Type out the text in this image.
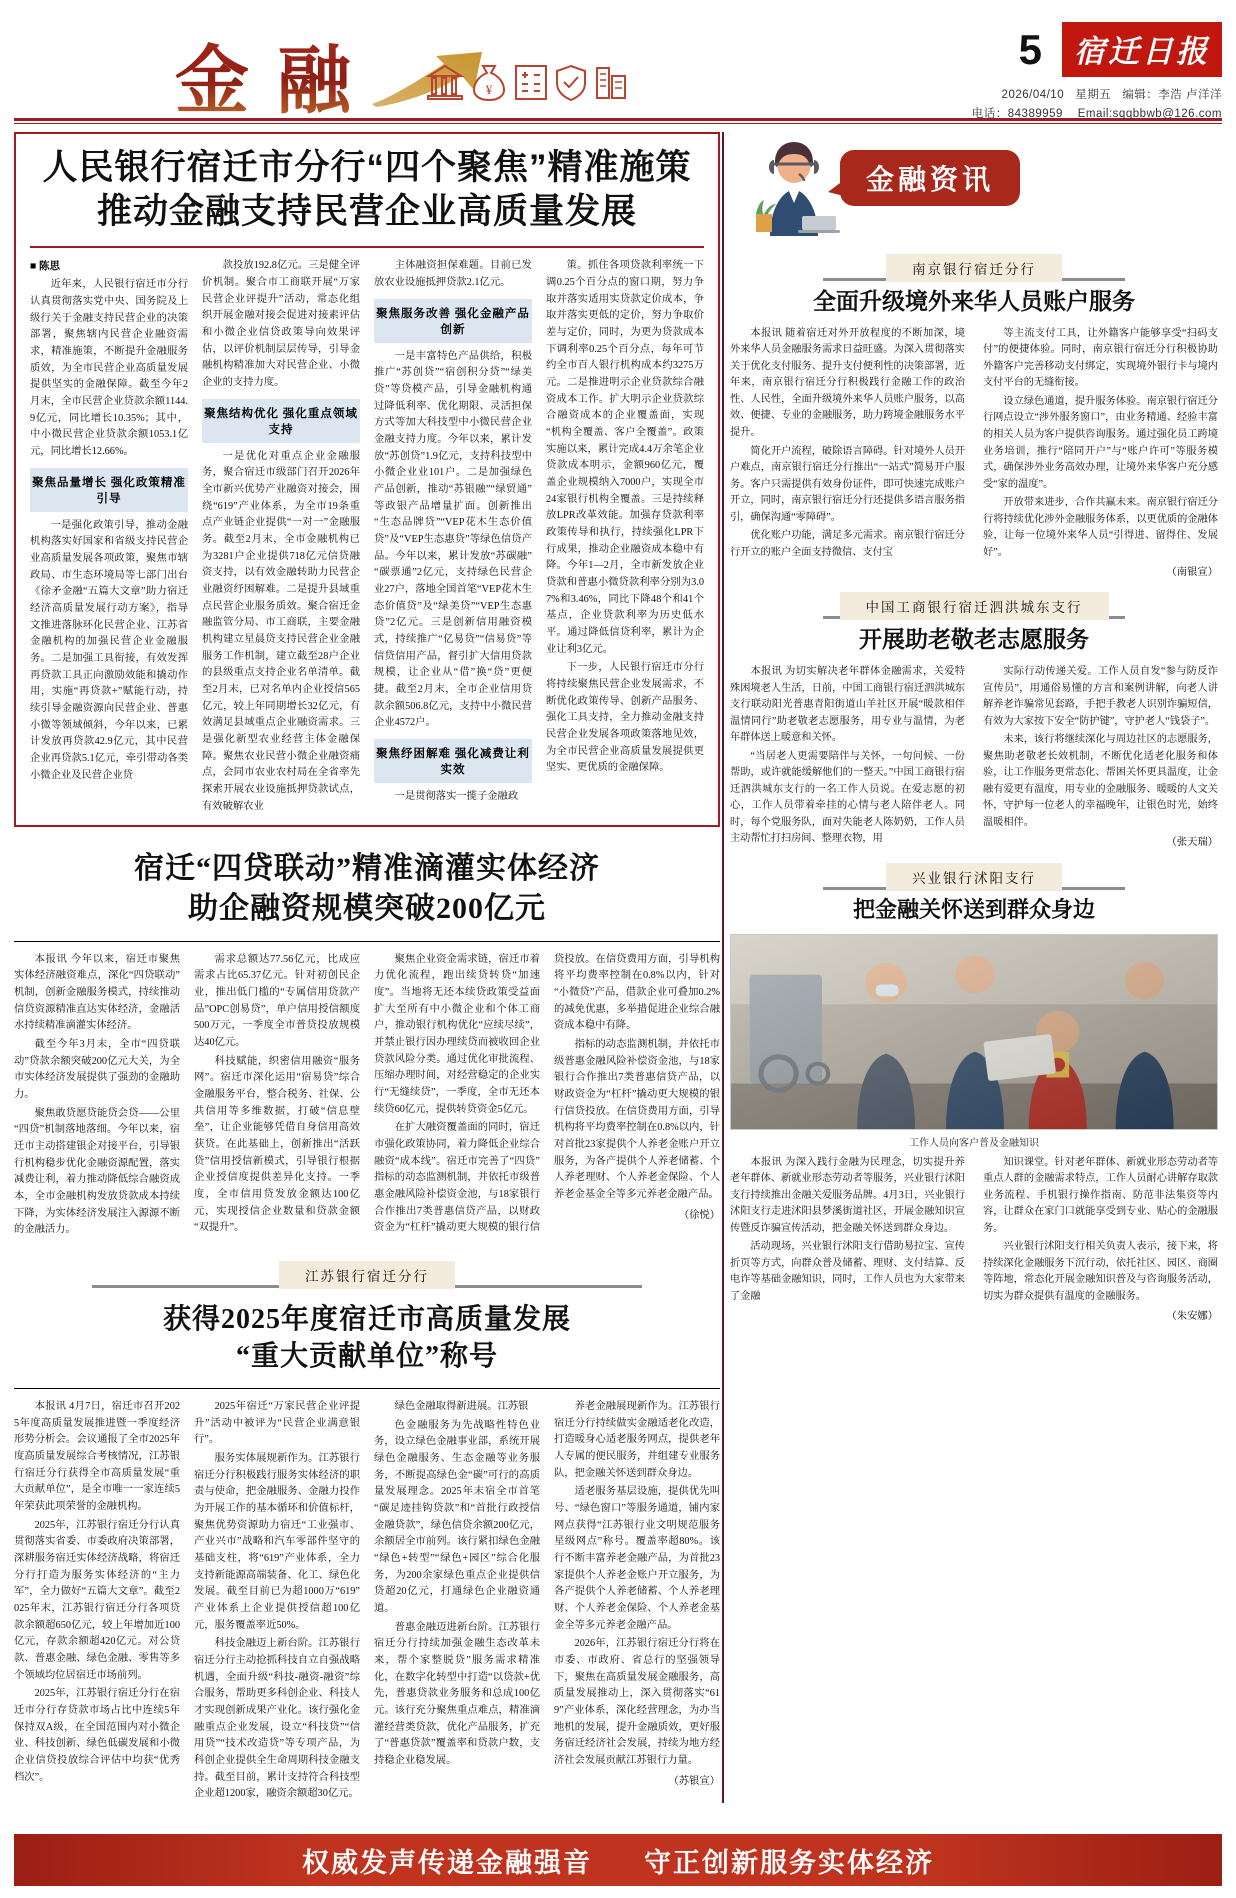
金融	¥
5 宿迁日报
2026/04/10 星期五 编辑：李浩 卢洋洋
电话：84389959 Email:sqqbbwb@126.com
人民银行宿迁市分行“四个聚焦”精准施策
推动金融支持民营企业高质量发展
■ 陈思

近年来，人民银行宿迁市分行认真贯彻落实党中央、国务院及上级行关于金融支持民营企业的决策部署，聚焦辖内民营企业融资需求，精准施策，不断提升金融服务质效，为全市民营企业高质量发展提供坚实的金融保障。截至今年2月末，全市民营企业贷款余额1144.9亿元，同比增长10.35%；其中，中小微民营企业贷款余额1053.1亿元，同比增长12.66%。

聚焦品量增长 强化政策精准引导

一是强化政策引导，推动金融机构落实好国家和省级支持民营企业高质量发展各项政策，聚焦市辖政局、市生态环境局等七部门出台《徐矛金融“五篇大文章”助力宿迁经济高质量发展行动方案》，指导文推进落脉环化民营企业、江苏省金融机构的加强民营企业金融服务。二是加强工具衔接，有效发挥再贷款工具正向激励效能和撬动作用，实施“再贷款+”赋能行动，持续引导金融资源向民营企业、普惠小微等领域倾斜，今年以来，已累计发放再贷款42.9亿元，其中民营企业再贷款5.1亿元，牵引带动各类小微企业及民营企业贷

款投放192.8亿元。三是健全评价机制。聚合市工商联开展“万家民营企业评提升”活动，常态化组织开展金融对接会促进对接素评估和小微企业信贷政策导向效果评估，以评价机制层层传导，引导金融机构精准加大对民营企业、小微企业的支持力度。

聚焦结构优化 强化重点领域支持

一是优化对重点企业金融服务，聚合宿迁市级部门召开2026年全市新兴优势产业融资对接会，围绕“619”产业体系，为全市19条重点产业链企业提供“一对一”金融服务。截至2月末，全市金融机构已为3281户企业提供718亿元信贷融资支持，以有效金融转助力民营企业融资纾困解难。二是提升县域重点民营企业服务质效。聚合宿迁金融监管分局、市工商联，主要金融机构建立星晨贷支持民营企业金融服务工作机制，建立截至28户企业的县级重点支持企业名单清单。截至2月末，已对名单内企业授信565亿元，较上年同期增长32亿元，有效满足县域重点企业融资需求。三是强化新型农业经营主体金融保障。聚焦农业民营小微企业融资痛点，会同市农业农村局在全省率先探索开展农业设施抵押贷款试点，有效破解农业

主体融资担保难题。目前已发放农业设施抵押贷款2.1亿元。

聚焦服务改善 强化金融产品创新

一是丰富特色产品供给，积极推广“苏创贷”“宿创积分贷”“绿美贷”等贷模产品，引导金融机构通过降低利率、优化期限、灵活担保方式等加大科技型中小微民营企业金融支持力度。今年以来，累计发放“苏创贷”1.9亿元，支持科技型中小微企业业101户。二是加强绿色产品创新，推动“苏银融”“绿贸通”等政银产品增量扩面。创新推出“生态品牌贷”“VEP花木生态价值贷”及“VEP生态惠贷”等绿色信贷产品。今年以来，累计发放“苏碳融”“碳票通”2亿元，支持绿色民营企业27户，落地全国首笔“VEP花木生态价值贷”及“绿美贷”“VEP生态惠贷”2亿元。三是创新信用融资模式，持续推广“亿易贷”“信易贷”等信贷信用产品，督引扩大信用贷款规模，让企业从“借”换“贷”更便捷。截至2月末，全市企业信用贷款余额506.8亿元，支持中小微民营企业4572户。

聚焦纾困解难 强化减费让利实效

一是贯彻落实一揽子金融政

策。抓住各项贷款利率统一下调0.25个百分点的窗口期，努力争取并落实适用实贷款定价成本，争取并落实更低的定价，努力争取价差与定价，同时，为更为贷款成本下调利率0.25个百分点，每年可节约全市百人银行机构成本约3275万元。二是推进明示企业贷款综合融资成本工作。扩大明示企业贷款综合融资成本的企业覆盖面，实现“机构全覆盖、客户全覆盖”。政策实施以来，累计完成4.4万余笔企业贷款成本明示，金额960亿元，覆盖企业规模纳入7000户，实现全市24家银行机构全覆盖。三是持续释放LPR改革效能。加强存贷款利率政策传导和执行，持续强化LPR下行成果，推动企业融资成本稳中有降。今年1—2月，全市新发放企业贷款和普惠小微贷款利率分别为3.07%和3.46%，同比下降48个和41个基点，企业贷款利率为历史低水平。通过降低信贷利率，累计为企业让利3亿元。

下一步，人民银行宿迁市分行将持续聚焦民营企业发展需求，不断优化政策传导、创新产品服务、强化工具支持，全力推动金融支持民营企业发展各项政策落地见效，为全市民营企业高质量发展提供更坚实、更优质的金融保障。

宿迁“四贷联动”精准滴灌实体经济
助企融资规模突破200亿元

本报讯 今年以来，宿迁市聚焦实体经济融资难点，深化“四贷联动”机制，创新金融服务模式，持续推动信贷资源精准直达实体经济，金融活水持续精准滴灌实体经济。

截至今年3月末，全市“四贷联动”贷款余额突破200亿元大关，为全市实体经济发展提供了强劲的金融助力。

聚焦敢贷愿贷能贷会贷——公里“四贷”机制落地落细。今年以来，宿迁市主动搭建银企对接平台，引导银行机构稳步优化金融资源配置，落实减费让利，着力推动降低综合融资成本，全市金融机构发放贷款成本持续下降，为实体经济发展注入源源不断的金融活力。

需求总额达77.56亿元，比成应需求占比65.37亿元。针对初创民企业，推出低门槛的“专属信用贷款产品”OPC创易贷”，单户信用授信额度500万元，一季度全市普贷投放规模达40亿元。

科技赋能，织密信用融资“服务网”。宿迁市深化运用“宿易贷”综合金融服务平台，整合税务、社保、公共信用等多维数据，打破“信息壁垒”，让企业能够凭借自身信用高效获贷。在此基础上，创新推出“活跃贷”信用授信新模式，引导银行根据企业授信度提供差异化支持。一季度，全市信用贷发放金额达100亿元，实现授信企业数量和贷款金额“双提升”。

聚焦企业资金需求链，宿迁市着力优化流程，跑出续贷转贷“加速度”。当地将无还本续贷政策受益面扩大至所有中小微企业和个体工商户，推动银行机构优化“应续尽续”，并禁止银行因办理续贷而被收回企业贷款风险分类。通过优化审批流程、压缩办理时间，对经营稳定的企业实行“无缝续贷”，一季度，全市无还本续贷60亿元，提供转贷资金5亿元。

在扩大融资覆盖面的同时，宿迁市强化政策协同，着力降低企业综合融资“成本线”。宿迁市完善了“四贷”指标的动态监测机制，并依托市级普惠金融风险补偿资金池，与18家银行合作推出7类普惠信贷产品，以财政资金为“杠杆”撬动更大规模的银行信贷投放。在信贷费用方面，引导机构将平均费率控制在0.8%以内，针对“小微贷”产品，借款企业可叠加0.2%的减免优惠，多举措促进企业综合融资成本稳中有降。

指标的动态监测机制，并依托市级普惠金融风险补偿资金池，与18家银行合作推出7类普惠信贷产品，以财政资金为“杠杆”撬动更大规模的银行信贷投放。在信贷费用方面，引导机构将平均费率控制在0.8%以内，针对首批23家提供个人养老金账户开立服务，为各产提供个人养老储蓄、个人养老理财、个人养老金保险、个人养老金基金全等多元养老金融产品。

（徐悦）
江苏银行宿迁分行
获得2025年度宿迁市高质量发展
“重大贡献单位”称号

本报讯 4月7日，宿迁市召开2025年度高质量发展推进暨一季度经济形势分析会。会议通报了全市2025年度高质量发展综合考核情况，江苏银行宿迁分行获得全市高质量发展“重大贡献单位”，是全市唯一一家连续5年荣获此项荣誉的金融机构。

2025年，江苏银行宿迁分行认真贯彻落实省委、市委政府决策部署，深耕服务宿迁实体经济战略，将宿迁分行打造为服务实体经济的“主力军”，全力做好“五篇大文章”。截至2025年末，江苏银行宿迁分行各项贷款余额超650亿元，较上年增加近100亿元，存款余额超420亿元。对公贷款、普惠金融、绿色金融、零售等多个领域均位居宿迁市场前列。

2025年，江苏银行宿迁分行在宿迁市分行存贷款市场占比中连续5年保持双A级，在全国范围内对小微企业、科技创新、绿色低碳发展和小微企业信贷投放综合评估中均获“优秀档次”。

2025年宿迁“万家民营企业评提升”活动中被评为“民营企业满意银行”。

服务实体展规新作为。江苏银行宿迁分行积极践行服务实体经济的职责与使命，把金融服务、金融力投作为开展工作的基本循环和价值标杆，聚焦优势资源助力宿迁“工业强市、产业兴市”战略和汽车零部件坚守的基础支柱，将“619”产业体系，全力支持新能源高端装备、化工、绿色化发展。截至目前已为超1000万“619”产业体系上企业提供授信超100亿元，服务覆盖率近50%。

科技金融迈上新台阶。江苏银行宿迁分行主动抢抓科技自立自强战略机遇，全面升级“科技-融资-融资”综合服务，帮助更多科创企业、科技人才实现创新成果产业化。该行强化金融重点企业发展，设立“科技贷”“信用贷”“技术改造贷”等专项产品，为科创企业提供全生命周期科技金融支持。截至目前，累计支持符合科技型企业超1200家，融资余额超30亿元。

绿色金融取得新进展。江苏银

色金融服务为先战略性特色业务，设立绿色金融事业部，系统开展绿色金融服务、生态金融等业务服务，不断提高绿色金“碳”可行的高质量发展理念。2025年末宿全市首笔“碳足迹挂钩贷款”和“首批行政授信金融贷款”，绿色信贷余额200亿元，余额居全市前列。该行紧扣绿色金融“绿色+转型”“绿色+园区”综合化服务，为200余家绿色重点企业提供信贷超20亿元，打通绿色企业融资通道。

普惠金融迈进新台阶。江苏银行宿迁分行持续加强金融生态改革未来，帮个家整脱贷”服务需求精准化，在数字化转型中打造“以贷款+优先，普惠贷款业务服务和总成100亿元。该行充分聚焦重点难点，精准滴灌经营类贷款，优化产品服务，扩充了“普惠贷款”覆盖率和贷款户数，支持稳企业稳发展。

养老金融展现新作为。江苏银行宿迁分行持续做实金融适老化改造，打造暖身心适老服务网点，提供老年人专属的便民服务，并组建专业服务队，把金融关怀送到群众身边。

适老服务基层设施，提供优先叫号、“绿色窗口”等服务通道，铺内家网点获得“江苏银行业文明规范服务星级网点”称号。覆盖率超80%。该行不断丰富养老金融产品，为首批23家提供个人养老金账户开立服务，为各产提供个人养老储蓄、个人养老理财、个人养老金保险、个人养老金基金全等多元养老金融产品。

2026年，江苏银行宿迁分行将在市委、市政府、省总行的坚强领导下，聚焦在高质量发展金融服务，高质量发展推动上，深入贯彻落实“619”产业体系，深化经营理念，为办当地机的发展，提升金融质效，更好服务宿迁经济社会发展，持续为地方经济社会发展贡献江苏银行力量。

（苏银宣）
金融资讯
南京银行宿迁分行
全面升级境外来华人员账户服务

本报讯 随着宿迁对外开放程度的不断加深，境外来华人员金融服务需求日益旺盛。为深入贯彻落实关于优化支付服务、提升支付便利性的决策部署，近年来，南京银行宿迁分行积极践行金融工作的政治性、人民性，全面升级境外来华人员账户服务，以高效、便捷、专业的金融服务，助力跨境金融服务水平提升。

简化开户流程，破除语言障碍。针对境外人员开户难点，南京银行宿迁分行推出“一站式”简易开户服务。客户只需提供有效身份证件，即可快速完成账户开立，同时，南京银行宿迁分行还提供多语言服务指引，确保沟通“零障碍”。

优化账户功能，满足多元需求。南京银行宿迁分行开立的账户全面支持微信、支付宝

等主流支付工具，让外籍客户能够享受“扫码支付”的便捷体验。同时，南京银行宿迁分行积极协助外籍客户完善移动支付绑定，实现境外银行卡与境内支付平台的无缝衔接。

设立绿色通道，提升服务体验。南京银行宿迁分行网点设立“涉外服务窗口”，由业务精通、经验丰富的相关人员为客户提供咨询服务。通过强化员工跨境业务培训，推行“陪同开户”与“账户许可”等服务模式，确保涉外业务高效办理，让境外来华客户充分感受“家的温度”。

开放带来进步，合作共赢未来。南京银行宿迁分行将持续优化涉外金融服务体系，以更优质的金融体验，让每一位境外来华人员“引得进、留得住、发展好”。

（南银宣）
中国工商银行宿迁泗洪城东支行
开展助老敬老志愿服务

本报讯 为切实解决老年群体金融需求，关爱特殊困境老人生活，日前，中国工商银行宿迁泗洪城东支行联动阳光普惠青阳街道山羊社区开展“暖款相伴 温情同行”助老敬老志愿服务，用专业与温情，为老年群体送上暖意和关怀。

“当居老人更需要陪伴与关怀，一句问候、一份帮助，或许就能缓解他们的一整天。”中国工商银行宿迁泗洪城东支行的一名工作人员说。在爱志愿的初心，工作人员带着牵挂的心情与老人陪伴老人。同时，每个党服务队，面对失能老人陈奶奶，工作人员主动帮忙打扫房间、整理衣物，用

实际行动传递关爱。工作人员自发“参与防反诈宣传员”，用通俗易懂的方言和案例讲解，向老人讲解养老诈骗常见套路，手把手教老人识别诈骗短信，有效为大家按下安全“防护键”，守护老人“钱袋子”。

未来，该行将继续深化与周边社区的志愿服务，聚焦助老敬老长效机制，不断优化适老化服务和体验，让工作服务更常态化、帮困关怀更具温度，让金融有爱更有温度，用专业的金融服务、暖暖的人文关怀，守护每一位老人的幸福晚年，让银色时光，始终温暖相伴。

（张天瑞）
兴业银行沭阳支行
把金融关怀送到群众身边
工作人员向客户普及金融知识

本报讯 为深入践行金融为民理念，切实提升养老年群体、新就业形态劳动者等服务，兴业银行沭阳支行持续推出金融关爱服务品牌。4月3日，兴业银行沭阳支行走进沭阳县梦溪街道社区，开展金融知识宣传暨反诈骗宣传活动，把金融关怀送到群众身边。

活动现场，兴业银行沭阳支行借助易拉宝、宣传折页等方式，向群众普及储蓄、理财、支付结算、反电诈等基础金融知识，同时，工作人员也为大家带来了金融

知识课堂。针对老年群体、新就业形态劳动者等重点人群的金融需求特点，工作人员耐心讲解存取款业务流程、手机银行操作指南、防范非法集资等内容，让群众在家门口就能享受到专业、贴心的金融服务。

兴业银行沭阳支行相关负责人表示，接下来，将持续深化金融服务下沉行动，依托社区、园区、商圈等阵地，常态化开展金融知识普及与咨询服务活动，切实为群众提供有温度的金融服务。

（朱安娜）
权威发声传递金融强音 守正创新服务实体经济
